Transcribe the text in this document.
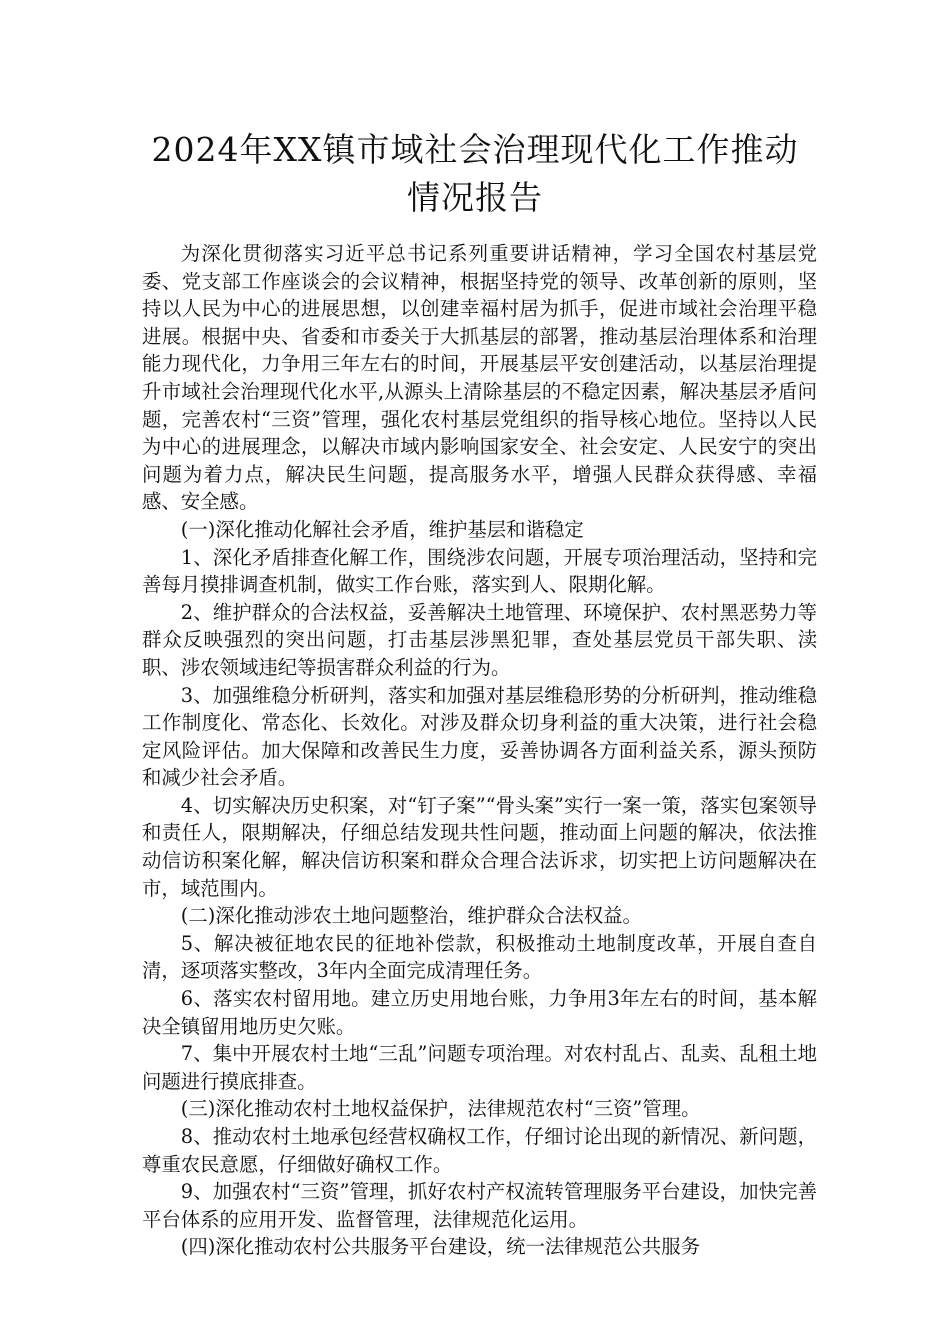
2024年XX镇市域社会治理现代化工作推动
情况报告

为深化贯彻落实习近平总书记系列重要讲话精神，学习全国农村基层党委、党支部工作座谈会的会议精神，根据坚持党的领导、改革创新的原则，坚持以人民为中心的进展思想，以创建幸福村居为抓手，促进市域社会治理平稳进展。根据中央、省委和市委关于大抓基层的部署，推动基层治理体系和治理能力现代化，力争用三年左右的时间，开展基层平安创建活动，以基层治理提升市域社会治理现代化水平,从源头上清除基层的不稳定因素，解决基层矛盾问题，完善农村“三资”管理，强化农村基层党组织的指导核心地位。坚持以人民为中心的进展理念，以解决市域内影响国家安全、社会安定、人民安宁的突出问题为着力点，解决民生问题，提高服务水平，增强人民群众获得感、幸福感、安全感。

(一)深化推动化解社会矛盾，维护基层和谐稳定

1、深化矛盾排查化解工作，围绕涉农问题，开展专项治理活动，坚持和完善每月摸排调查机制，做实工作台账，落实到人、限期化解。

2、维护群众的合法权益，妥善解决土地管理、环境保护、农村黑恶势力等群众反映强烈的突出问题，打击基层涉黑犯罪，查处基层党员干部失职、渎职、涉农领域违纪等损害群众利益的行为。

3、加强维稳分析研判，落实和加强对基层维稳形势的分析研判，推动维稳工作制度化、常态化、长效化。对涉及群众切身利益的重大决策，进行社会稳定风险评估。加大保障和改善民生力度，妥善协调各方面利益关系，源头预防和减少社会矛盾。

4、切实解决历史积案，对“钉子案”“骨头案”实行一案一策，落实包案领导和责任人，限期解决，仔细总结发现共性问题，推动面上问题的解决，依法推动信访积案化解，解决信访积案和群众合理合法诉求，切实把上访问题解决在市，域范围内。

(二)深化推动涉农土地问题整治，维护群众合法权益。

5、解决被征地农民的征地补偿款，积极推动土地制度改革，开展自查自清，逐项落实整改，3年内全面完成清理任务。

6、落实农村留用地。建立历史用地台账，力争用3年左右的时间，基本解决全镇留用地历史欠账。

7、集中开展农村土地“三乱”问题专项治理。对农村乱占、乱卖、乱租土地问题进行摸底排查。

(三)深化推动农村土地权益保护，法律规范农村“三资”管理。

8、推动农村土地承包经营权确权工作，仔细讨论出现的新情况、新问题，尊重农民意愿，仔细做好确权工作。

9、加强农村“三资”管理，抓好农村产权流转管理服务平台建设，加快完善平台体系的应用开发、监督管理，法律规范化运用。

(四)深化推动农村公共服务平台建设，统一法律规范公共服务
